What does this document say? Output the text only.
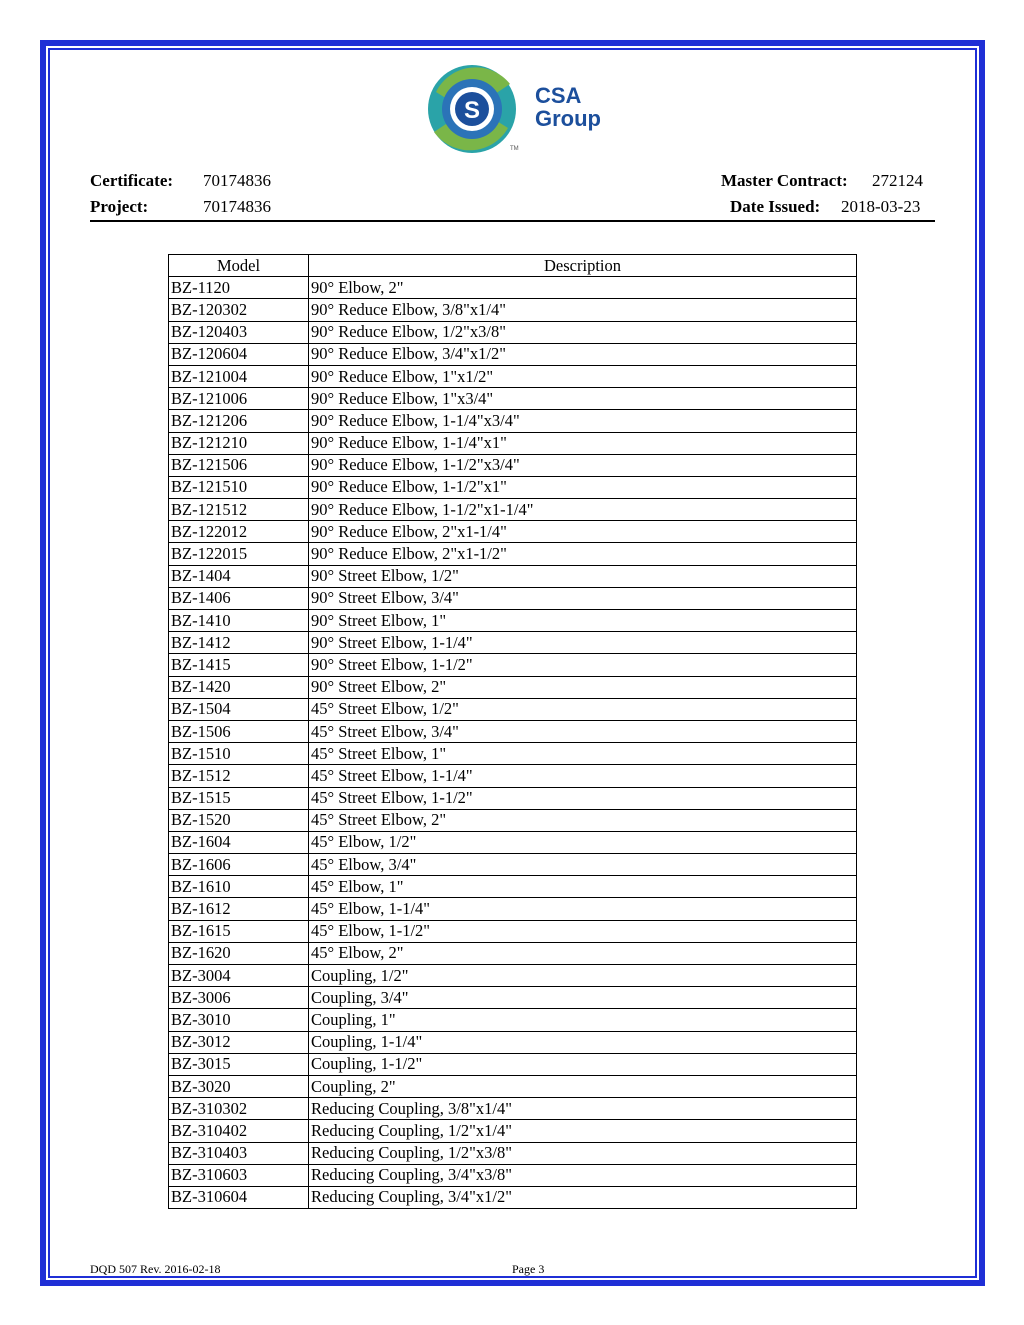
S
TM
CSA
Group
Certificate: 70174836
Project:	70174836
Master Contract: 272124
Date Issued: 2018-03-23
Model	Description
BZ-1120	90° Elbow, 2"
BZ-120302	90° Reduce Elbow, 3/8"x1/4"
BZ-120403	90° Reduce Elbow, 1/2"x3/8"
BZ-120604	90° Reduce Elbow, 3/4"x1/2"
BZ-121004	90° Reduce Elbow, 1"x1/2"
BZ-121006	90° Reduce Elbow, 1"x3/4"
BZ-121206	90° Reduce Elbow, 1-1/4"x3/4"
BZ-121210	90° Reduce Elbow, 1-1/4"x1"
BZ-121506	90° Reduce Elbow, 1-1/2"x3/4"
BZ-121510	90° Reduce Elbow, 1-1/2"x1"
BZ-121512	90° Reduce Elbow, 1-1/2"x1-1/4"
BZ-122012	90° Reduce Elbow, 2"x1-1/4"
BZ-122015	90° Reduce Elbow, 2"x1-1/2"
BZ-1404	90° Street Elbow, 1/2"
BZ-1406	90° Street Elbow, 3/4"
BZ-1410	90° Street Elbow, 1"
BZ-1412	90° Street Elbow, 1-1/4"
BZ-1415	90° Street Elbow, 1-1/2"
BZ-1420	90° Street Elbow, 2"
BZ-1504	45° Street Elbow, 1/2"
BZ-1506	45° Street Elbow, 3/4"
BZ-1510	45° Street Elbow, 1"
BZ-1512	45° Street Elbow, 1-1/4"
BZ-1515	45° Street Elbow, 1-1/2"
BZ-1520	45° Street Elbow, 2"
BZ-1604	45° Elbow, 1/2"
BZ-1606	45° Elbow, 3/4"
BZ-1610	45° Elbow, 1"
BZ-1612	45° Elbow, 1-1/4"
BZ-1615	45° Elbow, 1-1/2"
BZ-1620	45° Elbow, 2"
BZ-3004	Coupling, 1/2"
BZ-3006	Coupling, 3/4"
BZ-3010	Coupling, 1"
BZ-3012	Coupling, 1-1/4"
BZ-3015	Coupling, 1-1/2"
BZ-3020	Coupling, 2"
BZ-310302	Reducing Coupling, 3/8"x1/4"
BZ-310402	Reducing Coupling, 1/2"x1/4"
BZ-310403	Reducing Coupling, 1/2"x3/8"
BZ-310603	Reducing Coupling, 3/4"x3/8"
BZ-310604	Reducing Coupling, 3/4"x1/2"
DQD 507 Rev. 2016-02-18	Page 3
